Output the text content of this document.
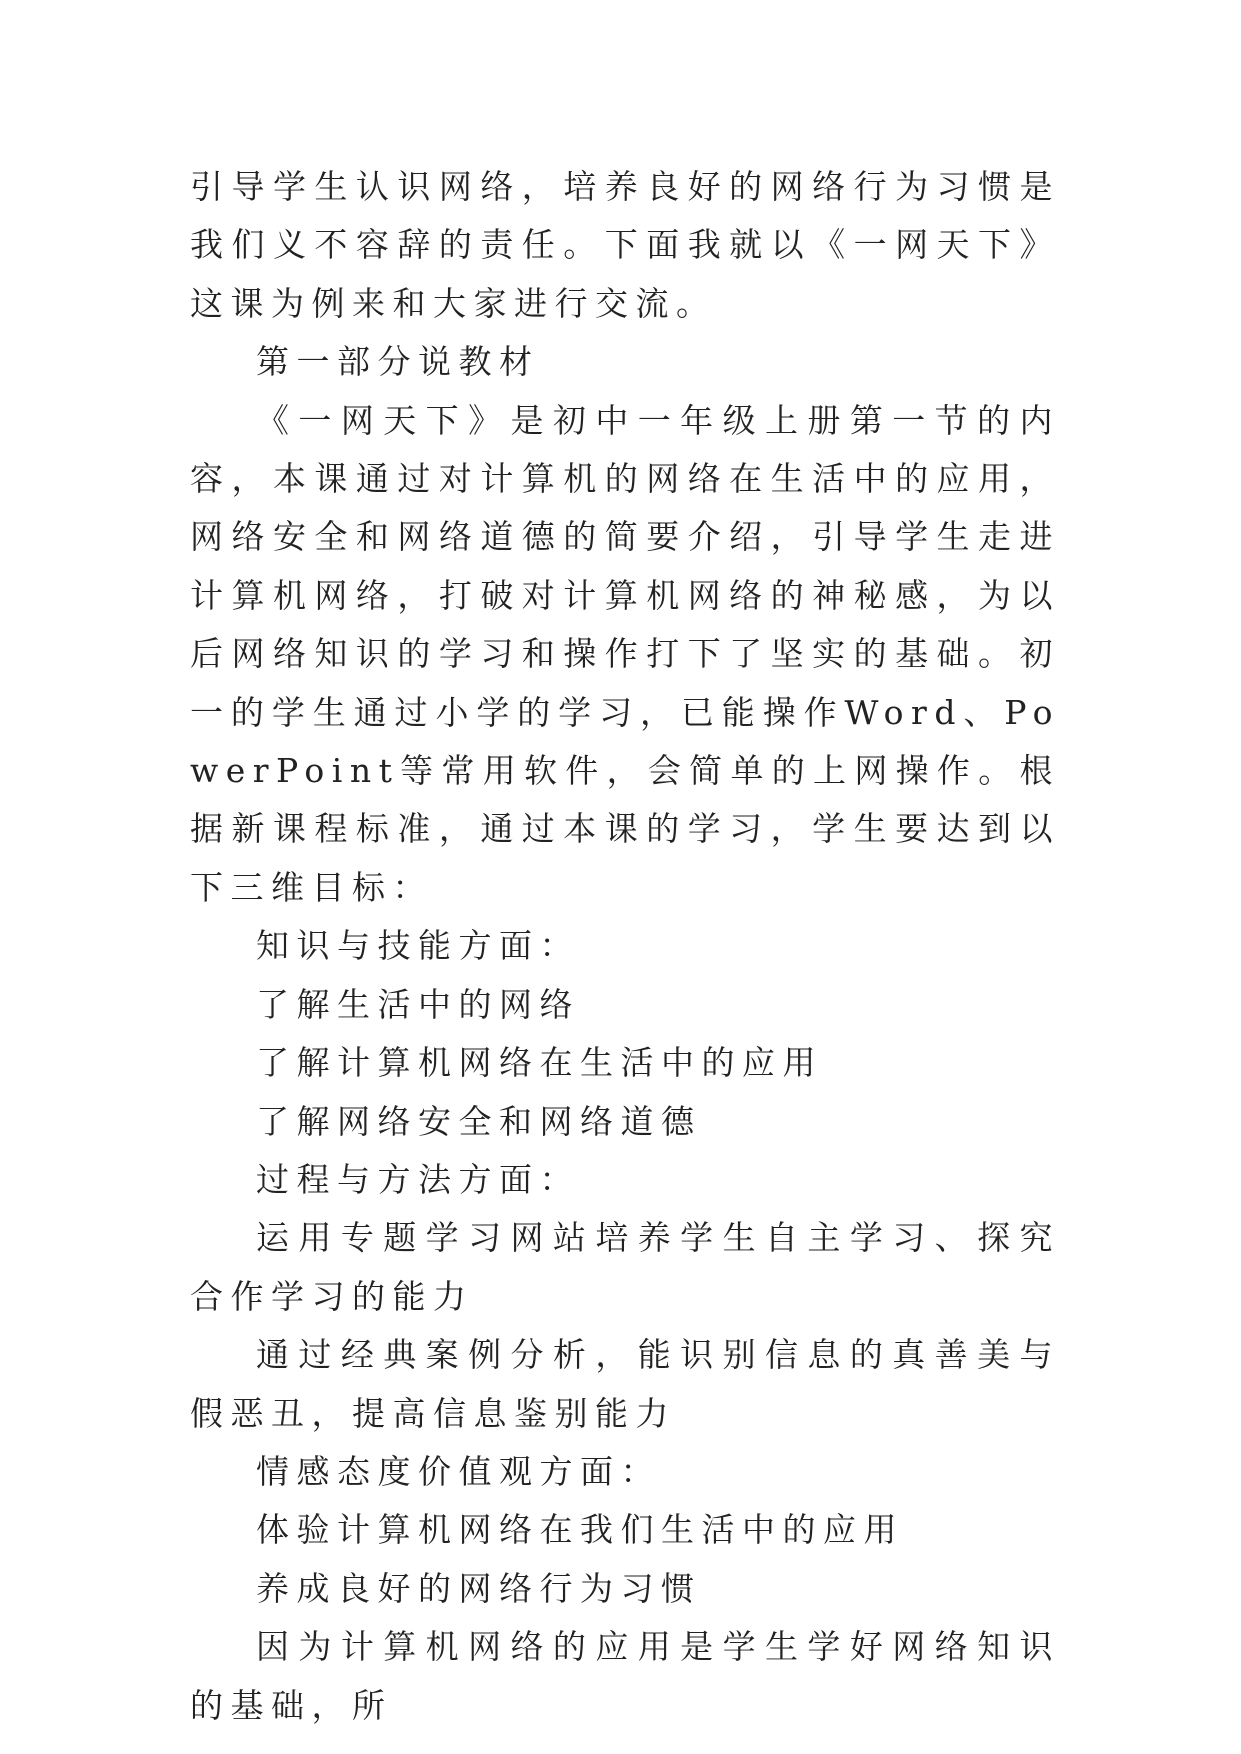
引导学生认识网络，培养良好的网络行为习惯是我们义不容辞的责任。下面我就以《一网天下》这课为例来和大家进行交流。

第一部分说教材

《一网天下》是初中一年级上册第一节的内容，本课通过对计算机的网络在生活中的应用，网络安全和网络道德的简要介绍，引导学生走进计算机网络，打破对计算机网络的神秘感，为以后网络知识的学习和操作打下了坚实的基础。初一的学生通过小学的学习，已能操作Word、PowerPoint等常用软件，会简单的上网操作。根据新课程标准，通过本课的学习，学生要达到以下三维目标：

知识与技能方面：

了解生活中的网络

了解计算机网络在生活中的应用

了解网络安全和网络道德

过程与方法方面：

运用专题学习网站培养学生自主学习、探究合作学习的能力

通过经典案例分析，能识别信息的真善美与假恶丑，提高信息鉴别能力

情感态度价值观方面：

体验计算机网络在我们生活中的应用

养成良好的网络行为习惯

因为计算机网络的应用是学生学好网络知识的基础，所
